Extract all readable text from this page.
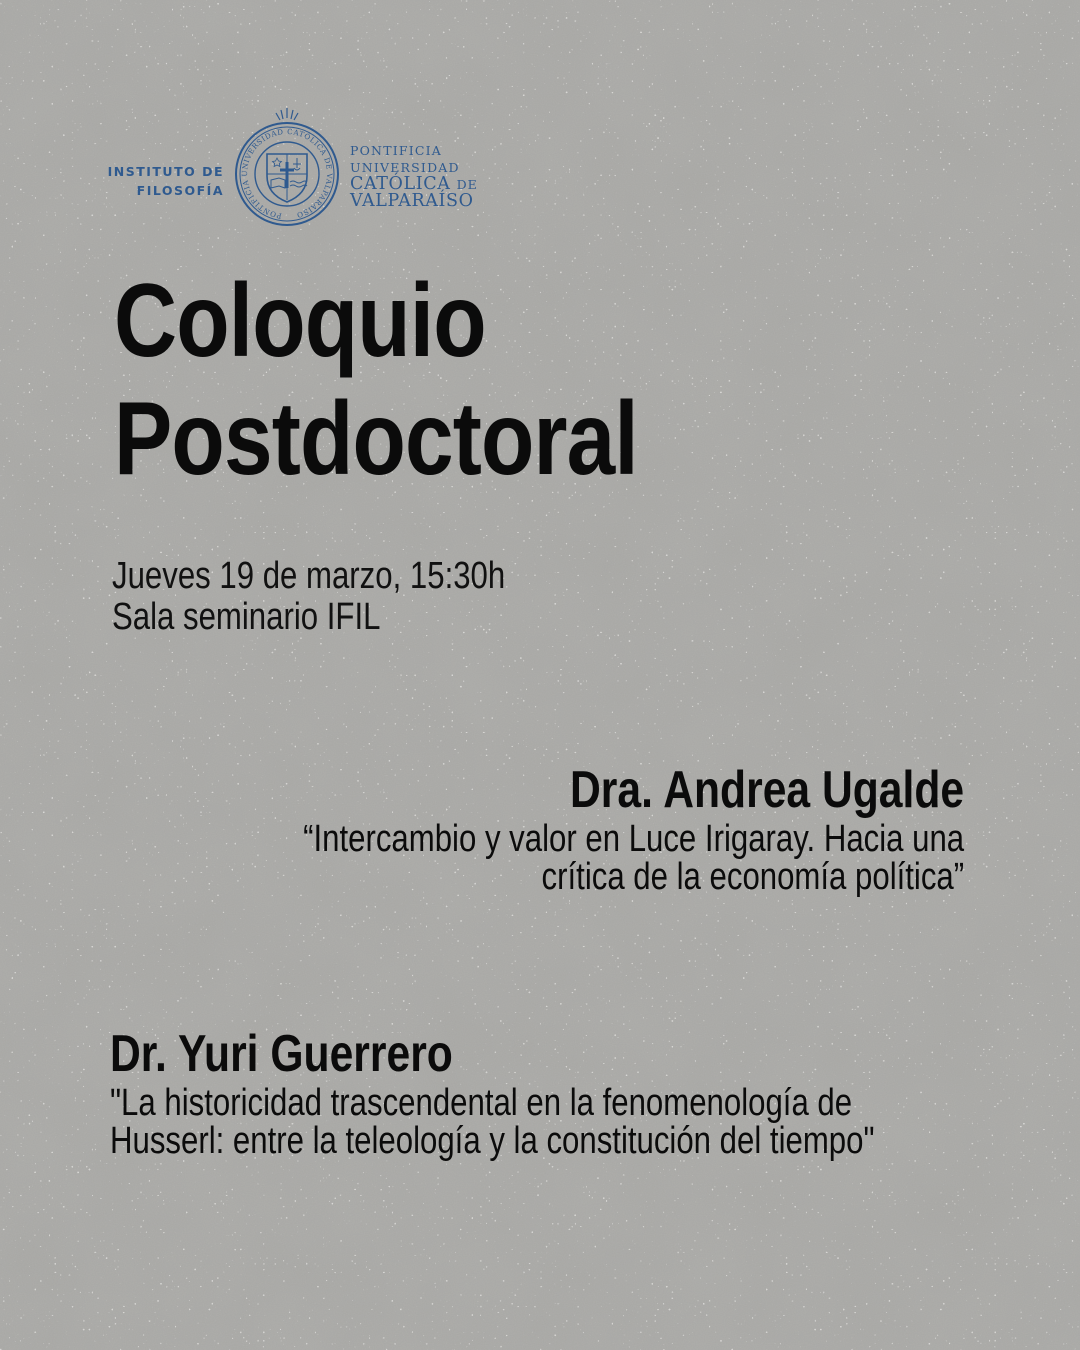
INSTITUTO DE
FILOSOFÍA
PONTIFICIA UNIVERSIDAD CATÓLICA DE VALPARAÍSO
PONTIFICIA
UNIVERSIDAD
CATÓLICA DE
VALPARAÍSO
Coloquio
Postdoctoral
Jueves 19 de marzo, 15:30h
Sala seminario IFIL
Dra. Andrea Ugalde
“Intercambio y valor en Luce Irigaray. Hacia una
crítica de la economía política”
Dr. Yuri Guerrero
"La historicidad trascendental en la fenomenología de
Husserl: entre la teleología y la constitución del tiempo"
